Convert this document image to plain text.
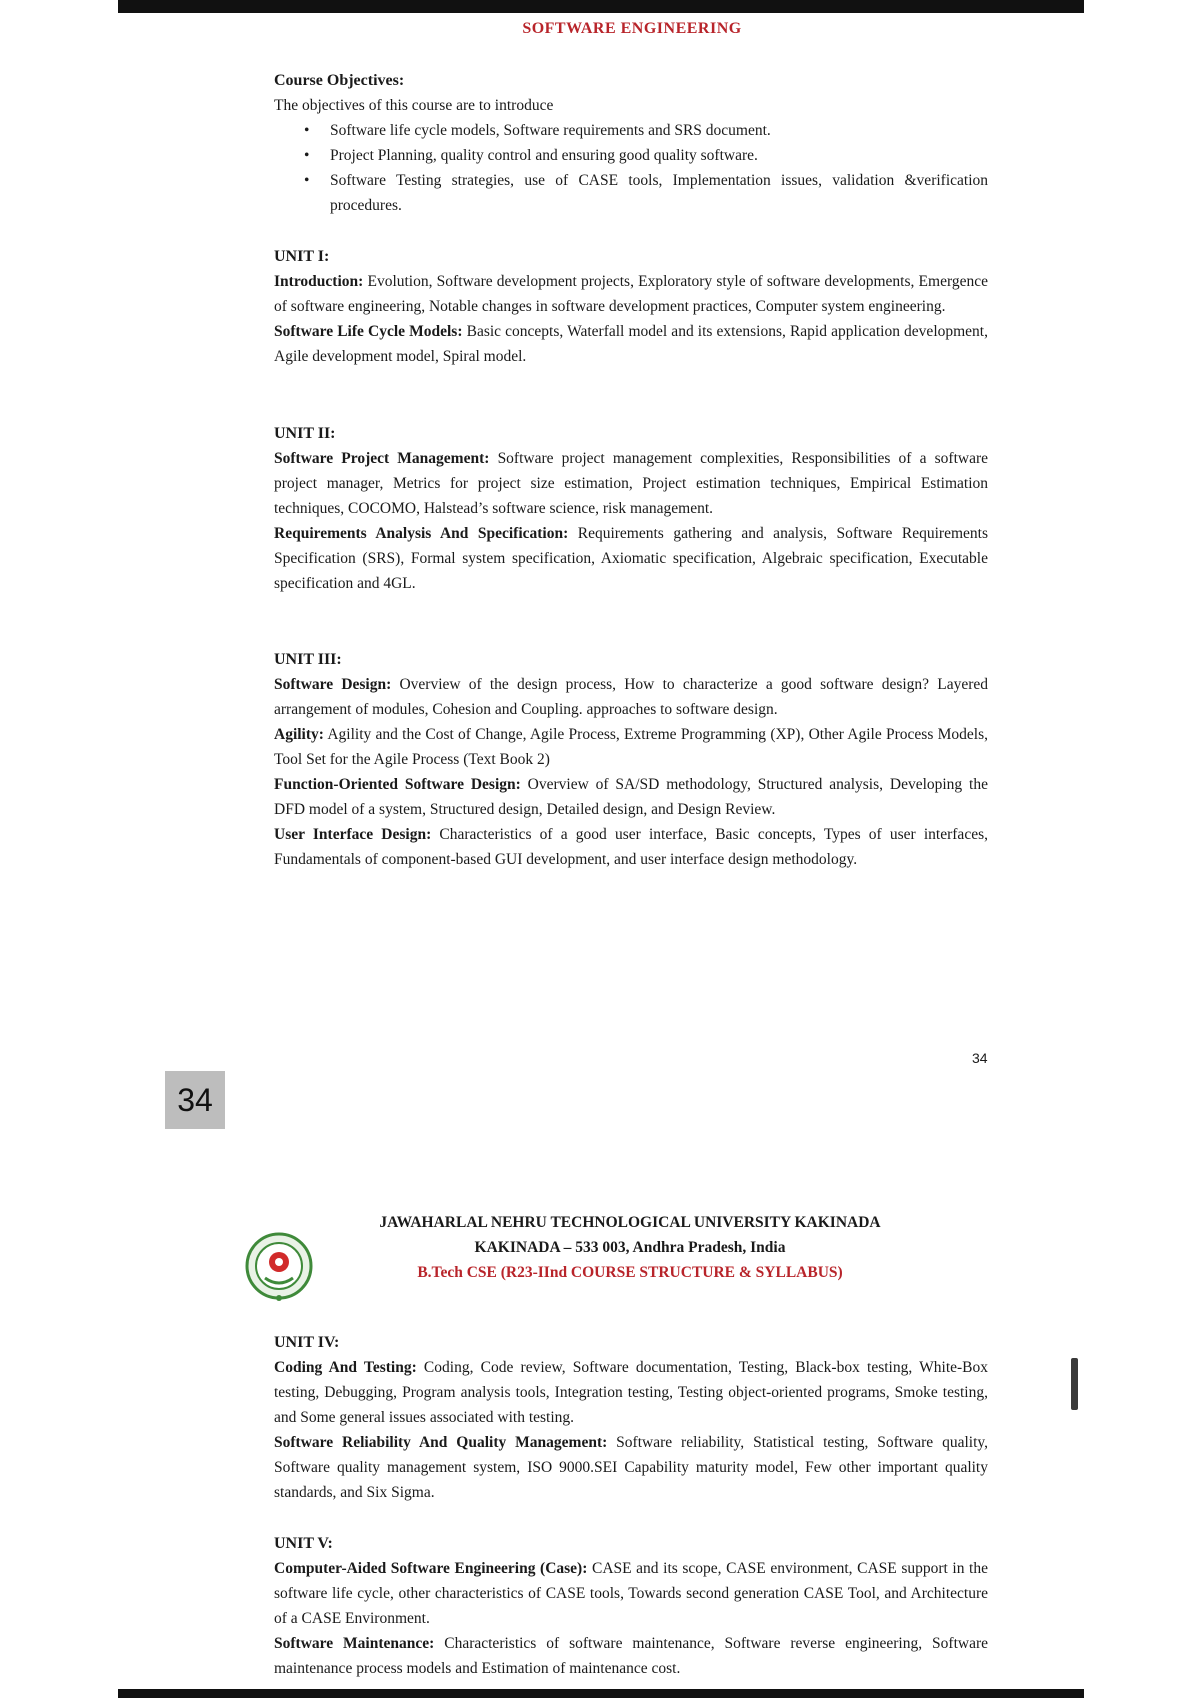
SOFTWARE ENGINEERING
Course Objectives:
The objectives of this course are to introduce
• Software life cycle models, Software requirements and SRS document.
• Project Planning, quality control and ensuring good quality software.
• Software Testing strategies, use of CASE tools, Implementation issues, validation &verification procedures.
UNIT I:

Introduction: Evolution, Software development projects, Exploratory style of software developments, Emergence of software engineering, Notable changes in software development practices, Computer system engineering.

Software Life Cycle Models: Basic concepts, Waterfall model and its extensions, Rapid application development, Agile development model, Spiral model.

UNIT II:

Software Project Management: Software project management complexities, Responsibilities of a software project manager, Metrics for project size estimation, Project estimation techniques, Empirical Estimation techniques, COCOMO, Halstead’s software science, risk management.

Requirements Analysis And Specification: Requirements gathering and analysis, Software Requirements Specification (SRS), Formal system specification, Axiomatic specification, Algebraic specification, Executable specification and 4GL.

UNIT III:

Software Design: Overview of the design process, How to characterize a good software design? Layered arrangement of modules, Cohesion and Coupling. approaches to software design.

Agility: Agility and the Cost of Change, Agile Process, Extreme Programming (XP), Other Agile Process Models, Tool Set for the Agile Process (Text Book 2)

Function-Oriented Software Design: Overview of SA/SD methodology, Structured analysis, Developing the DFD model of a system, Structured design, Detailed design, and Design Review.

User Interface Design: Characteristics of a good user interface, Basic concepts, Types of user interfaces, Fundamentals of component-based GUI development, and user interface design methodology.

34
34
JAWAHARLAL NEHRU TECHNOLOGICAL UNIVERSITY KAKINADA
KAKINADA – 533 003, Andhra Pradesh, India
B.Tech CSE (R23-IInd COURSE STRUCTURE & SYLLABUS)
UNIT IV:

Coding And Testing: Coding, Code review, Software documentation, Testing, Black-box testing, White-Box testing, Debugging, Program analysis tools, Integration testing, Testing object-oriented programs, Smoke testing, and Some general issues associated with testing.

Software Reliability And Quality Management: Software reliability, Statistical testing, Software quality, Software quality management system, ISO 9000.SEI Capability maturity model, Few other important quality standards, and Six Sigma.

UNIT V:

Computer-Aided Software Engineering (Case): CASE and its scope, CASE environment, CASE support in the software life cycle, other characteristics of CASE tools, Towards second generation CASE Tool, and Architecture of a CASE Environment.

Software Maintenance: Characteristics of software maintenance, Software reverse engineering, Software maintenance process models and Estimation of maintenance cost.
